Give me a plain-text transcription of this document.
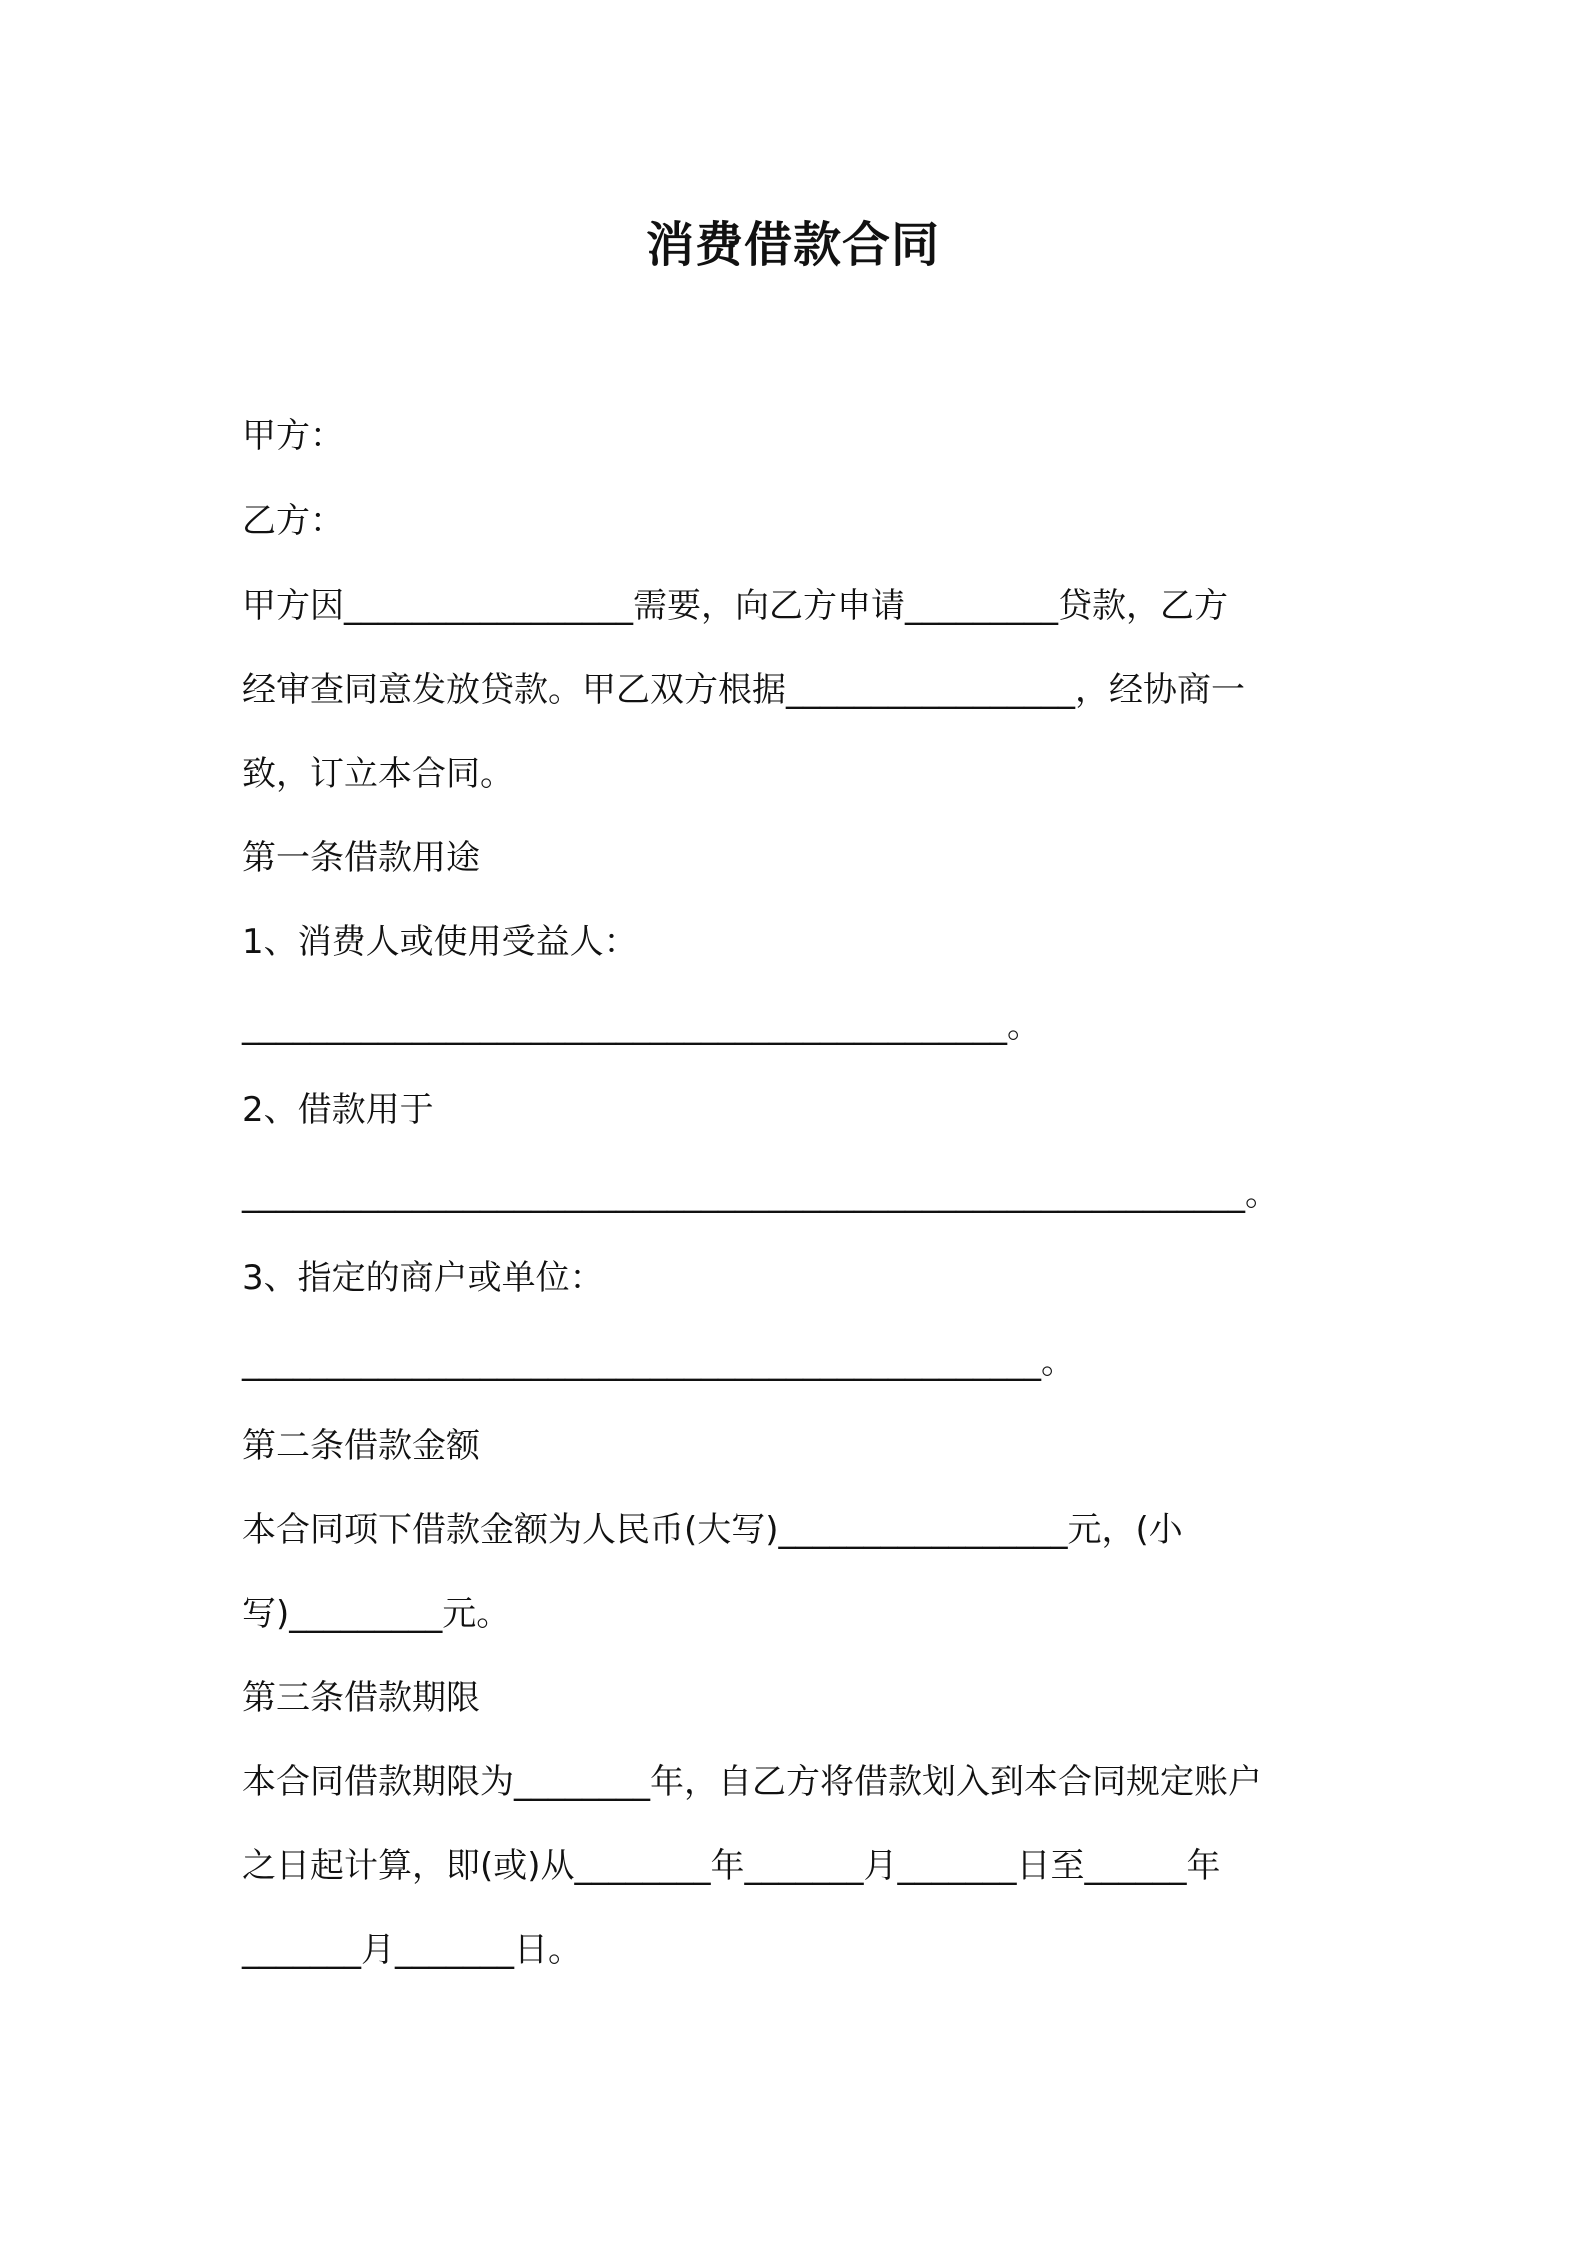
消费借款合同
甲方：
乙方：
甲方因_________________需要，向乙方申请_________贷款，乙方
经审查同意发放贷款。甲乙双方根据_________________，经协商一
致，订立本合同。
第一条借款用途
1、消费人或使用受益人：
_____________________________________________。
2、借款用于
___________________________________________________________。
3、指定的商户或单位：
_______________________________________________。
第二条借款金额
本合同项下借款金额为人民币(大写)_________________元，(小
写)_________元。
第三条借款期限
本合同借款期限为________年，自乙方将借款划入到本合同规定账户
之日起计算，即(或)从________年_______月_______日至______年
_______月_______日。
